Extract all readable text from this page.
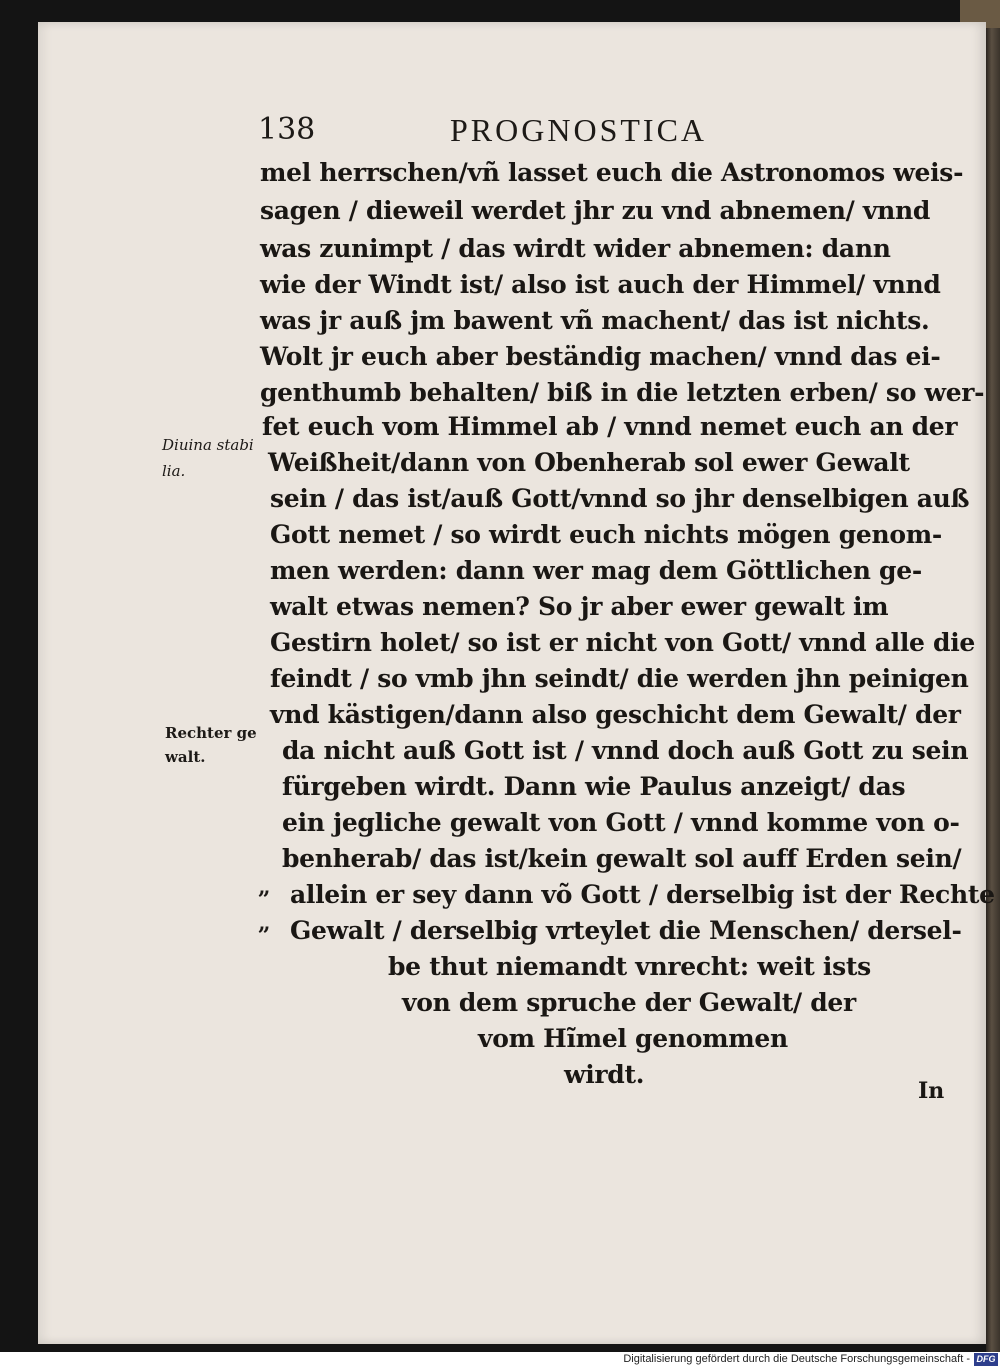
138	PROGNOSTICA
mel herrschen/vñ lasset euch die Astronomos weis-
sagen / dieweil werdet jhr zu vnd abnemen/ vnnd
was zunimpt / das wirdt wider abnemen: dann
wie der Windt ist/ also ist auch der Himmel/ vnnd
was jr auß jm bawent vñ machent/ das ist nichts.
Wolt jr euch aber beständig machen/ vnnd das ei-
genthumb behalten/ biß in die letzten erben/ so wer-
fet euch vom Himmel ab / vnnd nemet euch an der
Weißheit/dann von Obenherab sol ewer Gewalt
sein / das ist/auß Gott/vnnd so jhr denselbigen auß
Gott nemet / so wirdt euch nichts mögen genom-
men werden: dann wer mag dem Göttlichen ge-
walt etwas nemen? So jr aber ewer gewalt im
Gestirn holet/ so ist er nicht von Gott/ vnnd alle die
feindt / so vmb jhn seindt/ die werden jhn peinigen
vnd kästigen/dann also geschicht dem Gewalt/ der
da nicht auß Gott ist / vnnd doch auß Gott zu sein
fürgeben wirdt. Dann wie Paulus anzeigt/ das
ein jegliche gewalt von Gott / vnnd komme von o-
benherab/ das ist/kein gewalt sol auff Erden sein/
allein er sey dann võ Gott / derselbig ist der Rechte
Gewalt / derselbig vrteylet die Menschen/ dersel-
be thut niemandt vnrecht: weit ists
von dem spruche der Gewalt/ der
vom Hĩmel genommen
wirdt.
Diuina stabi
lia.
Rechter ge
walt.
„
„
In
Digitalisierung gefördert durch die Deutsche Forschungsgemeinschaft - DFG
